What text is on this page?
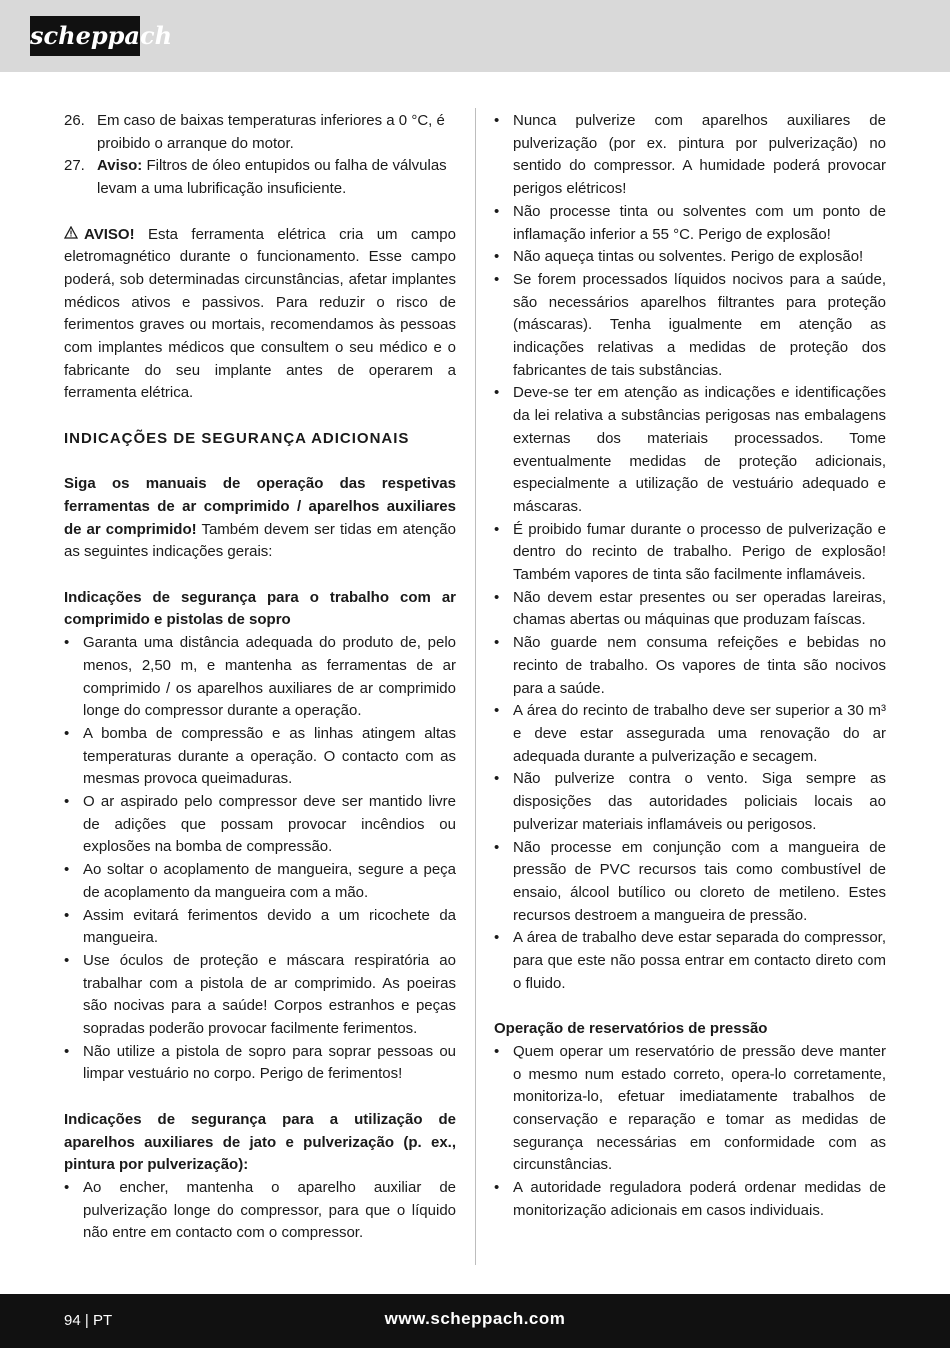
scheppach
26. Em caso de baixas temperaturas inferiores a 0 °C, é proibido o arranque do motor.
27. Aviso: Filtros de óleo entupidos ou falha de válvulas levam a uma lubrificação insuficiente.

AVISO! Esta ferramenta elétrica cria um campo eletromagnético durante o funcionamento. Esse campo poderá, sob determinadas circunstâncias, afetar implantes médicos ativos e passivos. Para reduzir o risco de ferimentos graves ou mortais, recomendamos às pessoas com implantes médicos que consultem o seu médico e o fabricante do seu implante antes de operarem a ferramenta elétrica.

INDICAÇÕES DE SEGURANÇA ADICIONAIS

Siga os manuais de operação das respetivas ferramentas de ar comprimido / aparelhos auxiliares de ar comprimido! Também devem ser tidas em atenção as seguintes indicações gerais:

Indicações de segurança para o trabalho com ar comprimido e pistolas de sopro

• Garanta uma distância adequada do produto de, pelo menos, 2,50 m, e mantenha as ferramentas de ar comprimido / os aparelhos auxiliares de ar comprimido longe do compressor durante a operação.
• A bomba de compressão e as linhas atingem altas temperaturas durante a operação. O contacto com as mesmas provoca queimaduras.
• O ar aspirado pelo compressor deve ser mantido livre de adições que possam provocar incêndios ou explosões na bomba de compressão.
• Ao soltar o acoplamento de mangueira, segure a peça de acoplamento da mangueira com a mão.
• Assim evitará ferimentos devido a um ricochete da mangueira.
• Use óculos de proteção e máscara respiratória ao trabalhar com a pistola de ar comprimido. As poeiras são nocivas para a saúde! Corpos estranhos e peças sopradas poderão provocar facilmente ferimentos.
• Não utilize a pistola de sopro para soprar pessoas ou limpar vestuário no corpo. Perigo de ferimentos!

Indicações de segurança para a utilização de aparelhos auxiliares de jato e pulverização (p. ex., pintura por pulverização):

• Ao encher, mantenha o aparelho auxiliar de pulverização longe do compressor, para que o líquido não entre em contacto com o compressor.
• Nunca pulverize com aparelhos auxiliares de pulverização (por ex. pintura por pulverização) no sentido do compressor. A humidade poderá provocar perigos elétricos!
• Não processe tinta ou solventes com um ponto de inflamação inferior a 55 °C. Perigo de explosão!
• Não aqueça tintas ou solventes. Perigo de explosão!
• Se forem processados líquidos nocivos para a saúde, são necessários aparelhos filtrantes para proteção (máscaras). Tenha igualmente em atenção as indicações relativas a medidas de proteção dos fabricantes de tais substâncias.
• Deve-se ter em atenção as indicações e identificações da lei relativa a substâncias perigosas nas embalagens externas dos materiais processados. Tome eventualmente medidas de proteção adicionais, especialmente a utilização de vestuário adequado e máscaras.
• É proibido fumar durante o processo de pulverização e dentro do recinto de trabalho. Perigo de explosão! Também vapores de tinta são facilmente inflamáveis.
• Não devem estar presentes ou ser operadas lareiras, chamas abertas ou máquinas que produzam faíscas.
• Não guarde nem consuma refeições e bebidas no recinto de trabalho. Os vapores de tinta são nocivos para a saúde.
• A área do recinto de trabalho deve ser superior a 30 m³ e deve estar assegurada uma renovação do ar adequada durante a pulverização e secagem.
• Não pulverize contra o vento. Siga sempre as disposições das autoridades policiais locais ao pulverizar materiais inflamáveis ou perigosos.
• Não processe em conjunção com a mangueira de pressão de PVC recursos tais como combustível de ensaio, álcool butílico ou cloreto de metileno. Estes recursos destroem a mangueira de pressão.
• A área de trabalho deve estar separada do compressor, para que este não possa entrar em contacto direto com o fluido.

Operação de reservatórios de pressão

• Quem operar um reservatório de pressão deve manter o mesmo num estado correto, opera-lo corretamente, monitoriza-lo, efetuar imediatamente trabalhos de conservação e reparação e tomar as medidas de segurança necessárias em conformidade com as circunstâncias.
• A autoridade reguladora poderá ordenar medidas de monitorização adicionais em casos individuais.
94 | PT	www.scheppach.com
